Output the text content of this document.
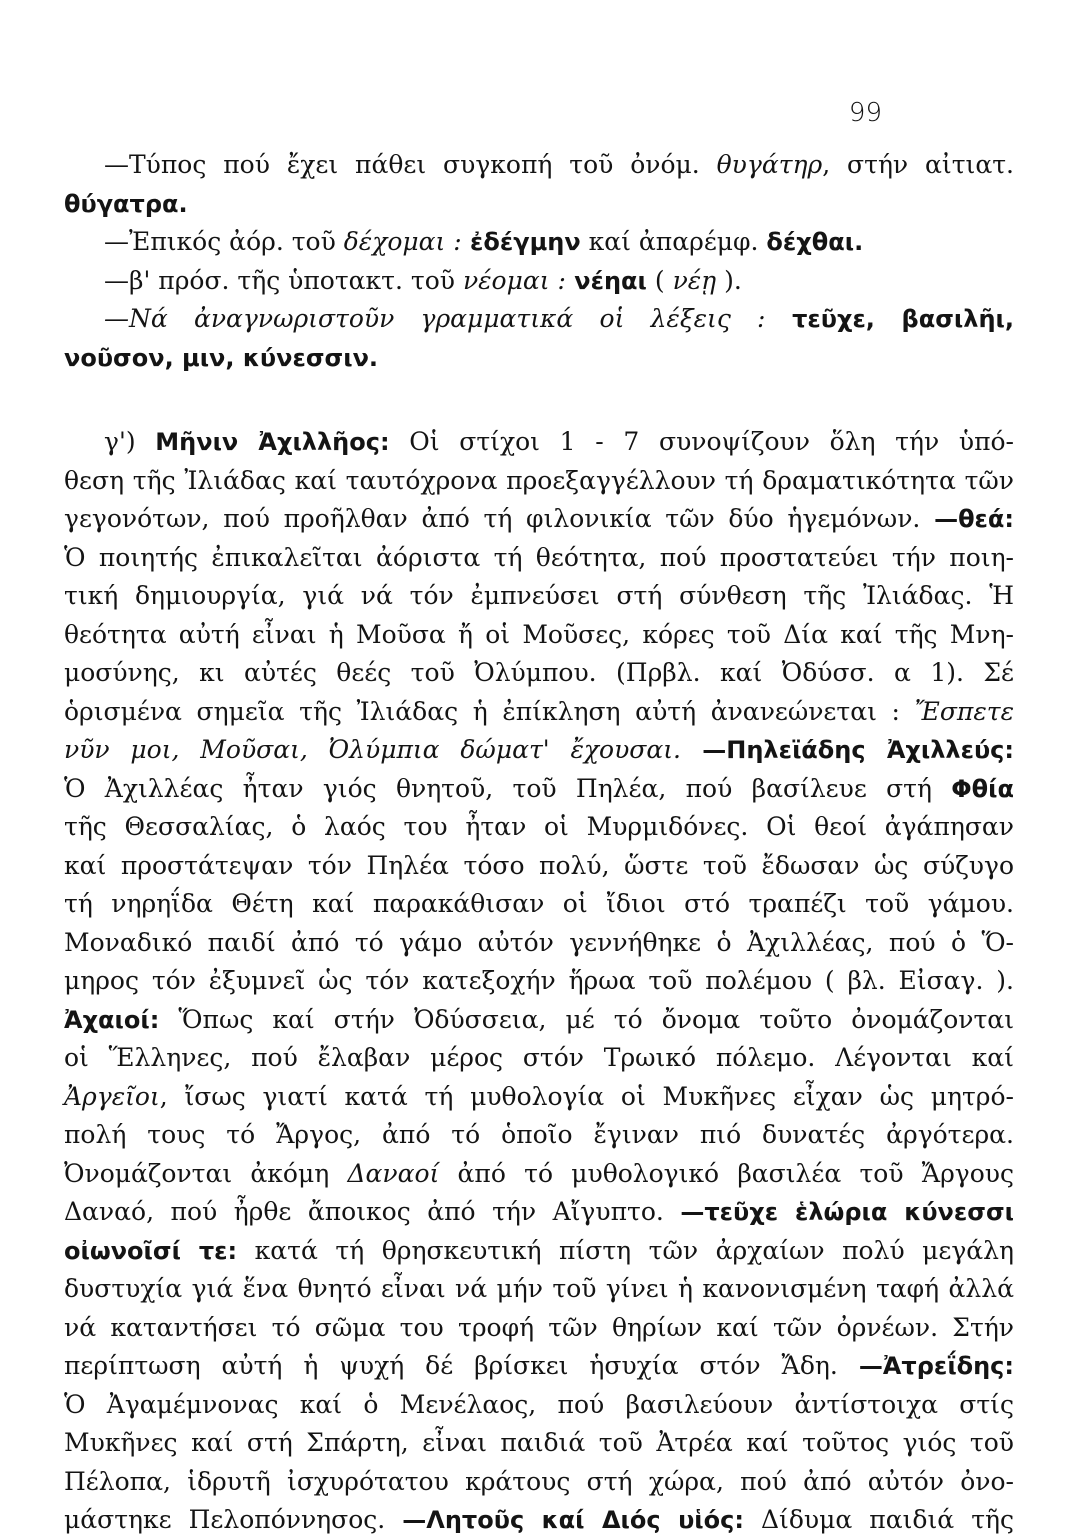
99
—Τύπος πού ἔχει πάθει συγκοπή τοῦ ὀνόμ. θυγάτηρ, στήν αἰτιατ.
θύγατρα.
—Ἐπικός ἀόρ. τοῦ δέχομαι : ἐδέγμην καί ἀπαρέμφ. δέχθαι.
—β' πρόσ. τῆς ὑποτακτ. τοῦ νέομαι : νέηαι ( νέῃ ).
—Νά ἀναγνωριστοῦν γραμματικά οἱ λέξεις : τεῦχε, βασιλῆι,
νοῦσον, μιν, κύνεσσιν.
γ') Μῆνιν Ἀχιλλῆος: Οἱ στίχοι 1 - 7 συνοψίζουν ὅλη τήν ὑπό-
θεση τῆς Ἰλιάδας καί ταυτόχρονα προεξαγγέλλουν τή δραματικότητα τῶν
γεγονότων, πού προῆλθαν ἀπό τή φιλονικία τῶν δύο ἡγεμόνων. —θεά:
Ὁ ποιητής ἐπικαλεῖται ἀόριστα τή θεότητα, πού προστατεύει τήν ποιη-
τική δημιουργία, γιά νά τόν ἐμπνεύσει στή σύνθεση τῆς Ἰλιάδας. Ἡ
θεότητα αὐτή εἶναι ἡ Μοῦσα ἤ οἱ Μοῦσες, κόρες τοῦ Δία καί τῆς Μνη-
μοσύνης, κι αὐτές θεές τοῦ Ὀλύμπου. (Πρβλ. καί Ὀδύσσ. α 1). Σέ
ὁρισμένα σημεῖα τῆς Ἰλιάδας ἡ ἐπίκληση αὐτή ἀνανεώνεται : Ἔσπετε
νῦν μοι, Μοῦσαι, Ὀλύμπια δώματ' ἔχουσαι. —Πηλεϊάδης Ἀχιλλεύς:
Ὁ Ἀχιλλέας ἦταν γιός θνητοῦ, τοῦ Πηλέα, πού βασίλευε στή Φθία
τῆς Θεσσαλίας, ὁ λαός του ἦταν οἱ Μυρμιδόνες. Οἱ θεοί ἀγάπησαν
καί προστάτεψαν τόν Πηλέα τόσο πολύ, ὥστε τοῦ ἔδωσαν ὡς σύζυγο
τή νηρηΐδα Θέτη καί παρακάθισαν οἱ ἴδιοι στό τραπέζι τοῦ γάμου.
Μοναδικό παιδί ἀπό τό γάμο αὐτόν γεννήθηκε ὁ Ἀχιλλέας, πού ὁ Ὅ-
μηρος τόν ἐξυμνεῖ ὡς τόν κατεξοχήν ἥρωα τοῦ πολέμου ( βλ. Εἰσαγ. ).
Ἀχαιοί: Ὅπως καί στήν Ὀδύσσεια, μέ τό ὄνομα τοῦτο ὀνομάζονται
οἱ Ἕλληνες, πού ἔλαβαν μέρος στόν Τρωικό πόλεμο. Λέγονται καί
Ἀργεῖοι, ἴσως γιατί κατά τή μυθολογία οἱ Μυκῆνες εἶχαν ὡς μητρό-
πολή τους τό Ἄργος, ἀπό τό ὁποῖο ἔγιναν πιό δυνατές ἀργότερα.
Ὀνομάζονται ἀκόμη Δαναοί ἀπό τό μυθολογικό βασιλέα τοῦ Ἄργους
Δαναό, πού ἦρθε ἄποικος ἀπό τήν Αἴγυπτο. —τεῦχε ἑλώρια κύνεσσι
οἰωνοῖσί τε: κατά τή θρησκευτική πίστη τῶν ἀρχαίων πολύ μεγάλη
δυστυχία γιά ἕνα θνητό εἶναι νά μήν τοῦ γίνει ἡ κανονισμένη ταφή ἀλλά
νά καταντήσει τό σῶμα του τροφή τῶν θηρίων καί τῶν ὀρνέων. Στήν
περίπτωση αὐτή ἡ ψυχή δέ βρίσκει ἡσυχία στόν Ἄδη. —Ἀτρεΐδης:
Ὁ Ἀγαμέμνονας καί ὁ Μενέλαος, πού βασιλεύουν ἀντίστοιχα στίς
Μυκῆνες καί στή Σπάρτη, εἶναι παιδιά τοῦ Ἀτρέα καί τοῦτος γιός τοῦ
Πέλοπα, ἱδρυτῆ ἰσχυρότατου κράτους στή χώρα, πού ἀπό αὐτόν ὀνο-
μάστηκε Πελοπόννησος. —Λητοῦς καί Διός υἱός: Δίδυμα παιδιά τῆς
